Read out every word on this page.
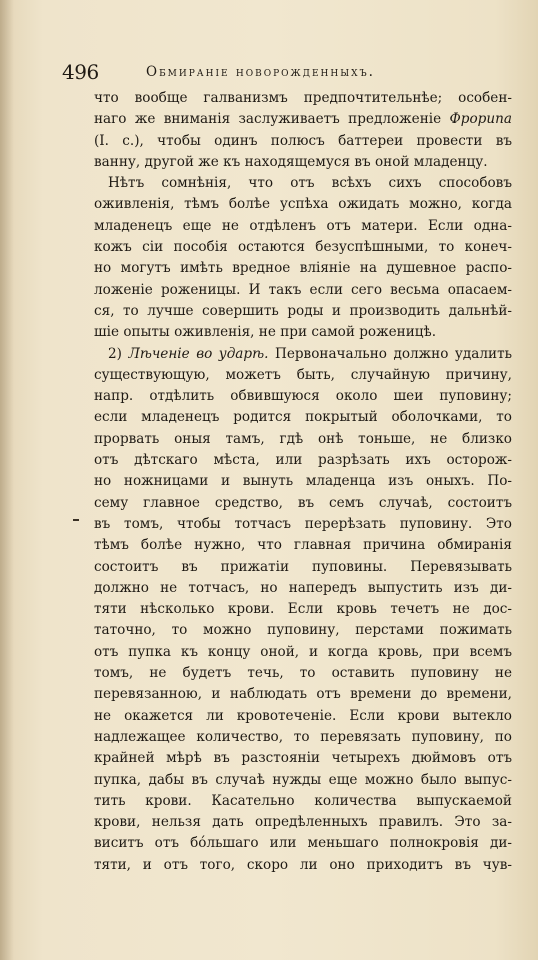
496	Обмиранiе новорожденныхъ.
что вообще галванизмъ предпочтительнѣе; особен-
наго же вниманiя заслуживаетъ предложенiе Фрорипа
(I. c.), чтобы одинъ полюсъ баттереи провести въ
ванну, другой же къ находящемуся въ оной младенцу.
Нѣтъ сомнѣнiя, что отъ всѣхъ сихъ способовъ
оживленiя, тѣмъ болѣе успѣха ожидать можно, когда
младенецъ еще не отдѣленъ отъ матери. Если одна-
кожъ сiи пособiя остаются безуспѣшными, то конеч-
но могутъ имѣть вредное влiянiе на душевное распо-
ложенiе роженицы. И такъ если сего весьма опасаем-
ся, то лучше совершить роды и производить дальнѣй-
шiе опыты оживленiя, не при самой роженицѣ.
2) Лѣченiе во ударѣ. Первоначально должно удалить
существующую, можетъ быть, случайную причину,
напр. отдѣлить обвившуюся около шеи пуповину;
если младенецъ родится покрытый оболочками, то
прорвать оныя тамъ, гдѣ онѣ тоньше, не близко
отъ дѣтскаго мѣста, или разрѣзать ихъ осторож-
но ножницами и вынуть младенца изъ оныхъ. По-
сему главное средство, въ семъ случаѣ, состоитъ
въ томъ, чтобы тотчасъ перерѣзать пуповину. Это
тѣмъ болѣе нужно, что главная причина обмиранiя
состоитъ въ прижатiи пуповины. Перевязывать
должно не тотчасъ, но напередъ выпустить изъ ди-
тяти нѣсколько крови. Если кровь течетъ не дос-
таточно, то можно пуповину, перстами пожимать
отъ пупка къ концу оной, и когда кровь, при всемъ
томъ, не будетъ течь, то оставить пуповину не
перевязанною, и наблюдать отъ времени до времени,
не окажется ли кровотеченiе. Если крови вытекло
надлежащее количество, то перевязать пуповину, по
крайней мѣрѣ въ разстоянiи четырехъ дюймовъ отъ
пупка, дабы въ случаѣ нужды еще можно было выпус-
тить крови. Касательно количества выпускаемой
крови, нельзя дать опредѣленныхъ правилъ. Это за-
виситъ отъ бóльшаго или меньшаго полнокровiя ди-
тяти, и отъ того, скоро ли оно приходитъ въ чув-
